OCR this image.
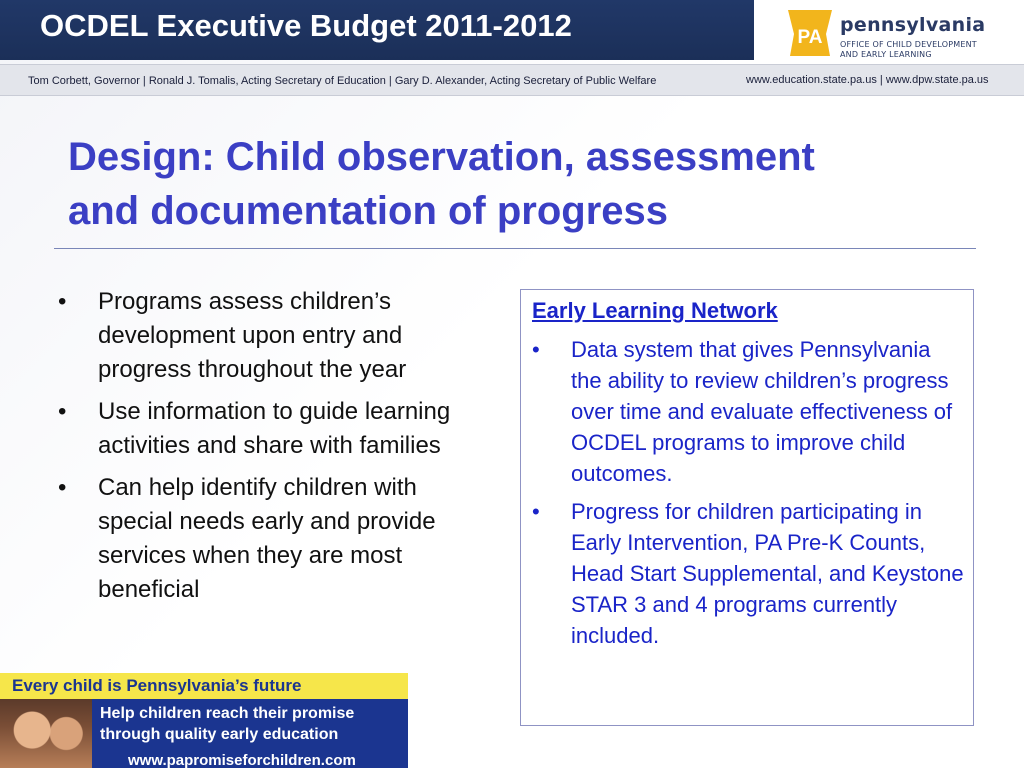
OCDEL Executive Budget 2011-2012	PA
pennsylvania
OFFICE OF CHILD DEVELOPMENT
AND EARLY LEARNING
Tom Corbett, Governor | Ronald J. Tomalis, Acting Secretary of Education | Gary D. Alexander, Acting Secretary of Public Welfare	www.education.state.pa.us | www.dpw.state.pa.us
Design: Child observation, assessment
and documentation of progress
• Programs assess children’s development upon entry and progress throughout the year
• Use information to guide learning activities and share with families
• Can help identify children with special needs early and provide services when they are most beneficial
Early Learning Network
• Data system that gives Pennsylvania the ability to review children’s progress over time and evaluate effectiveness of OCDEL programs to improve child outcomes.
• Progress for children participating in Early Intervention, PA Pre-K Counts, Head Start Supplemental, and Keystone STAR 3 and 4 programs currently included.
Every child is Pennsylvania’s future
Help children reach their promise
through quality early education
www.papromiseforchildren.com
